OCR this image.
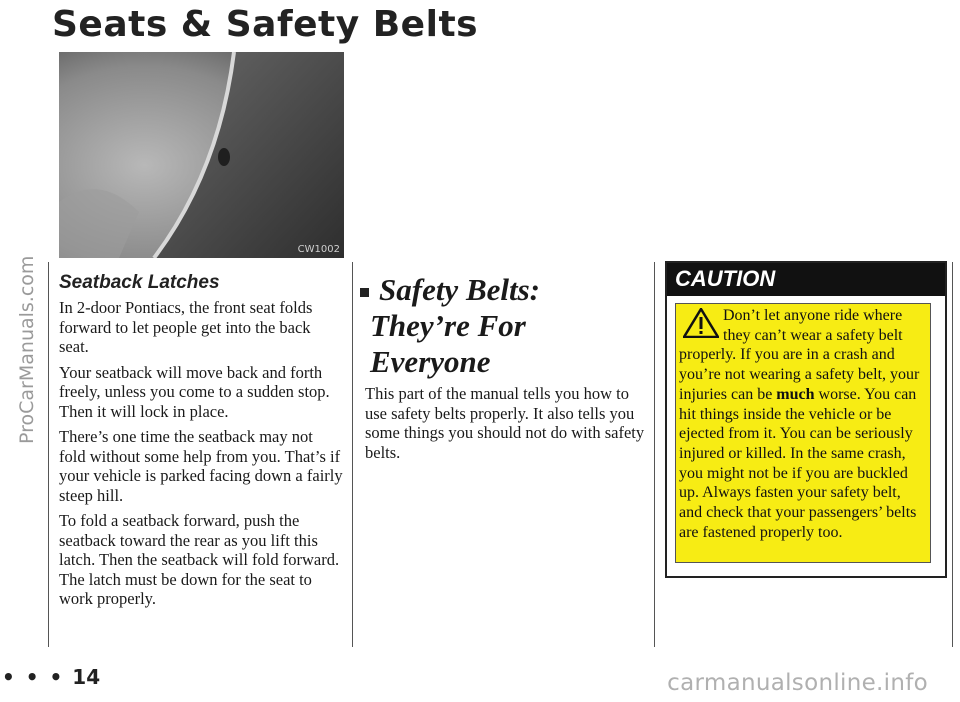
ProCarManuals.com
Seats & Safety Belts
CW1002
Seatback Latches

In 2-door Pontiacs, the front seat folds forward to let people get into the back seat.

Your seatback will move back and forth freely, unless you come to a sudden stop. Then it will lock in place.

There’s one time the seatback may not fold without some help from you. That’s if your vehicle is parked facing down a fairly steep hill.

To fold a seatback forward, push the seatback toward the rear as you lift this latch. Then the seatback will fold forward. The latch must be down for the seat to work properly.

Safety Belts:
They’re For Everyone

This part of the manual tells you how to use safety belts properly. It also tells you some things you should not do with safety belts.

CAUTION
Don’t let anyone ride where they can’t wear a safety belt properly. If you are in a crash and you’re not wearing a safety belt, your injuries can be much worse. You can hit things inside the vehicle or be ejected from it. You can be seriously injured or killed. In the same crash, you might not be if you are buckled up. Always fasten your safety belt, and check that your passengers’ belts are fastened properly too.
• • • 14	carmanualsonline.info
